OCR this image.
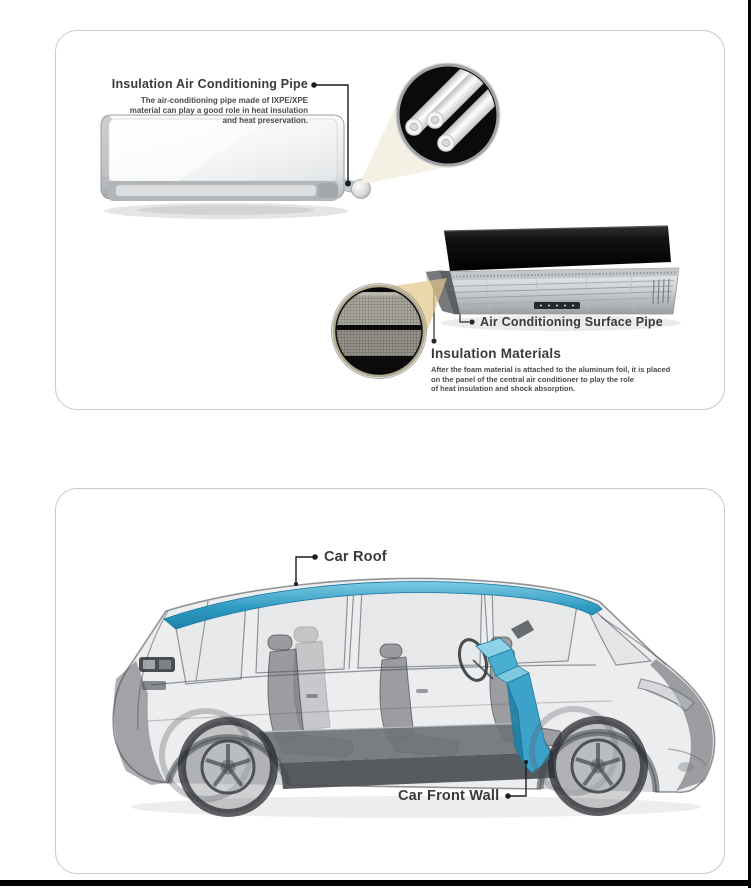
Insulation Air Conditioning Pipe
The air-conditioning pipe made of IXPE/XPE
material can play a good role in heat insulation
and heat preservation.
Air Conditioning Surface Pipe
Insulation Materials
After the foam material is attached to the aluminum foil, it is placed
on the panel of the central air conditioner to play the role
of heat insulation and shock absorption.
Car Roof
Car Front Wall
